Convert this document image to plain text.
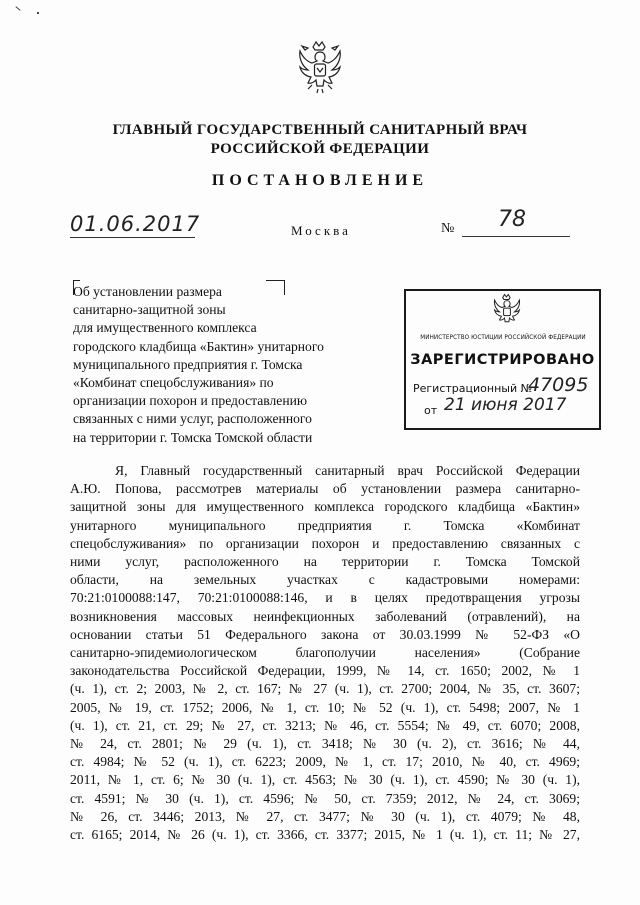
ГЛАВНЫЙ ГОСУДАРСТВЕННЫЙ САНИТАРНЫЙ ВРАЧ
РОССИЙСКОЙ ФЕДЕРАЦИИ
ПОСТАНОВЛЕНИЕ
01.06.2017	Москва	№ 78
Об установлении размера
санитарно-защитной зоны
для имущественного комплекса
городского кладбища «Бактин» унитарного
муниципального предприятия г. Томска
«Комбинат спецобслуживания» по
организации похорон и предоставлению
связанных с ними услуг, расположенного
на территории г. Томска Томской области
МИНИСТЕРСТВО ЮСТИЦИИ РОССИЙСКОЙ ФЕДЕРАЦИИ
ЗАРЕГИСТРИРОВАНО
Регистрационный №
47095
от 21 июня 2017
Я, Главный государственный санитарный врач Российской Федерации
А.Ю. Попова, рассмотрев материалы об установлении размера санитарно-
защитной зоны для имущественного комплекса городского кладбища «Бактин»
унитарного муниципального предприятия г. Томска «Комбинат
спецобслуживания» по организации похорон и предоставлению связанных с
ними услуг, расположенного на территории г. Томска Томской
области, на земельных участках с кадастровыми номерами:
70:21:0100088:147, 70:21:0100088:146, и в целях предотвращения угрозы
возникновения массовых неинфекционных заболеваний (отравлений), на
основании статьи 51 Федерального закона от 30.03.1999 № 52-ФЗ «О
санитарно-эпидемиологическом благополучии населения» (Собрание
законодательства Российской Федерации, 1999, № 14, ст. 1650; 2002, № 1
(ч. 1), ст. 2; 2003, № 2, ст. 167; № 27 (ч. 1), ст. 2700; 2004, № 35, ст. 3607;
2005, № 19, ст. 1752; 2006, № 1, ст. 10; № 52 (ч. 1), ст. 5498; 2007, № 1
(ч. 1), ст. 21, ст. 29; № 27, ст. 3213; № 46, ст. 5554; № 49, ст. 6070; 2008,
№ 24, ст. 2801; № 29 (ч. 1), ст. 3418; № 30 (ч. 2), ст. 3616; № 44,
ст. 4984; № 52 (ч. 1), ст. 6223; 2009, № 1, ст. 17; 2010, № 40, ст. 4969;
2011, № 1, ст. 6; № 30 (ч. 1), ст. 4563; № 30 (ч. 1), ст. 4590; № 30 (ч. 1),
ст. 4591; № 30 (ч. 1), ст. 4596; № 50, ст. 7359; 2012, № 24, ст. 3069;
№ 26, ст. 3446; 2013, № 27, ст. 3477; № 30 (ч. 1), ст. 4079; № 48,
ст. 6165; 2014, № 26 (ч. 1), ст. 3366, ст. 3377; 2015, № 1 (ч. 1), ст. 11; № 27,
